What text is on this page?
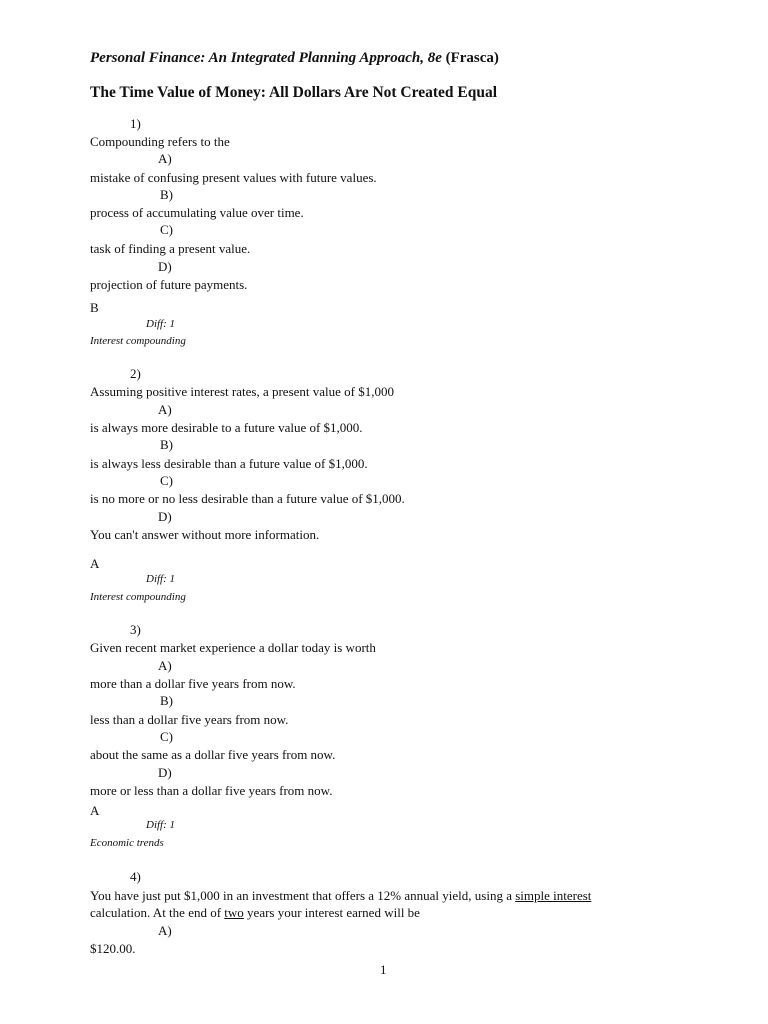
Personal Finance: An Integrated Planning Approach, 8e (Frasca)
The Time Value of Money: All Dollars Are Not Created Equal
1)
Compounding refers to the
A)
mistake of confusing present values with future values.
B)
process of accumulating value over time.
C)
task of finding a present value.
D)
projection of future payments.
B
Diff: 1
Interest compounding
2)
Assuming positive interest rates, a present value of $1,000
A)
is always more desirable to a future value of $1,000.
B)
is always less desirable than a future value of $1,000.
C)
is no more or no less desirable than a future value of $1,000.
D)
You can't answer without more information.
A
Diff: 1
Interest compounding
3)
Given recent market experience a dollar today is worth
A)
more than a dollar five years from now.
B)
less than a dollar five years from now.
C)
about the same as a dollar five years from now.
D)
more or less than a dollar five years from now.
A
Diff: 1
Economic trends
4)
You have just put $1,000 in an investment that offers a 12% annual yield, using a simple interest
calculation. At the end of two years your interest earned will be
A)
$120.00.
1
